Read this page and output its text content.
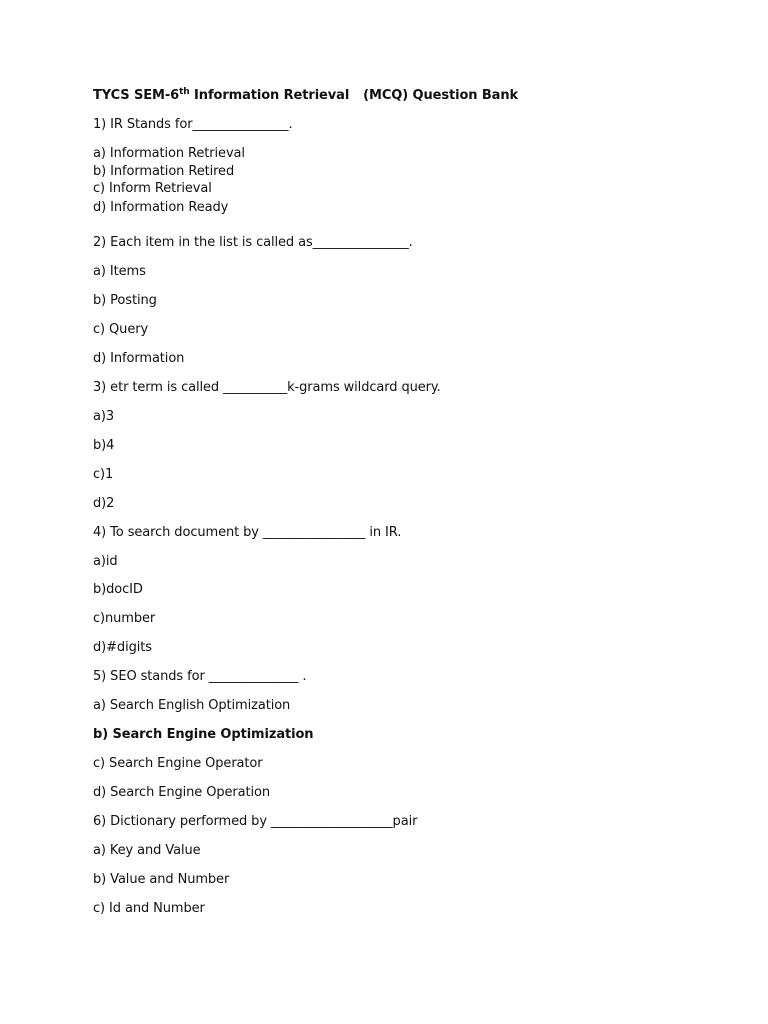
TYCS SEM-6th Information Retrieval (MCQ) Question Bank
1) IR Stands for_______________.
a) Information Retrieval
b) Information Retired
c) Inform Retrieval
d) Information Ready
2) Each item in the list is called as_______________.
a) Items
b) Posting
c) Query
d) Information
3) etr term is called __________k-grams wildcard query.
a)3
b)4
c)1
d)2
4) To search document by ________________ in IR.
a)id
b)docID
c)number
d)#digits
5) SEO stands for ______________ .
a) Search English Optimization
b) Search Engine Optimization
c) Search Engine Operator
d) Search Engine Operation
6) Dictionary performed by ___________________pair
a) Key and Value
b) Value and Number
c) Id and Number
